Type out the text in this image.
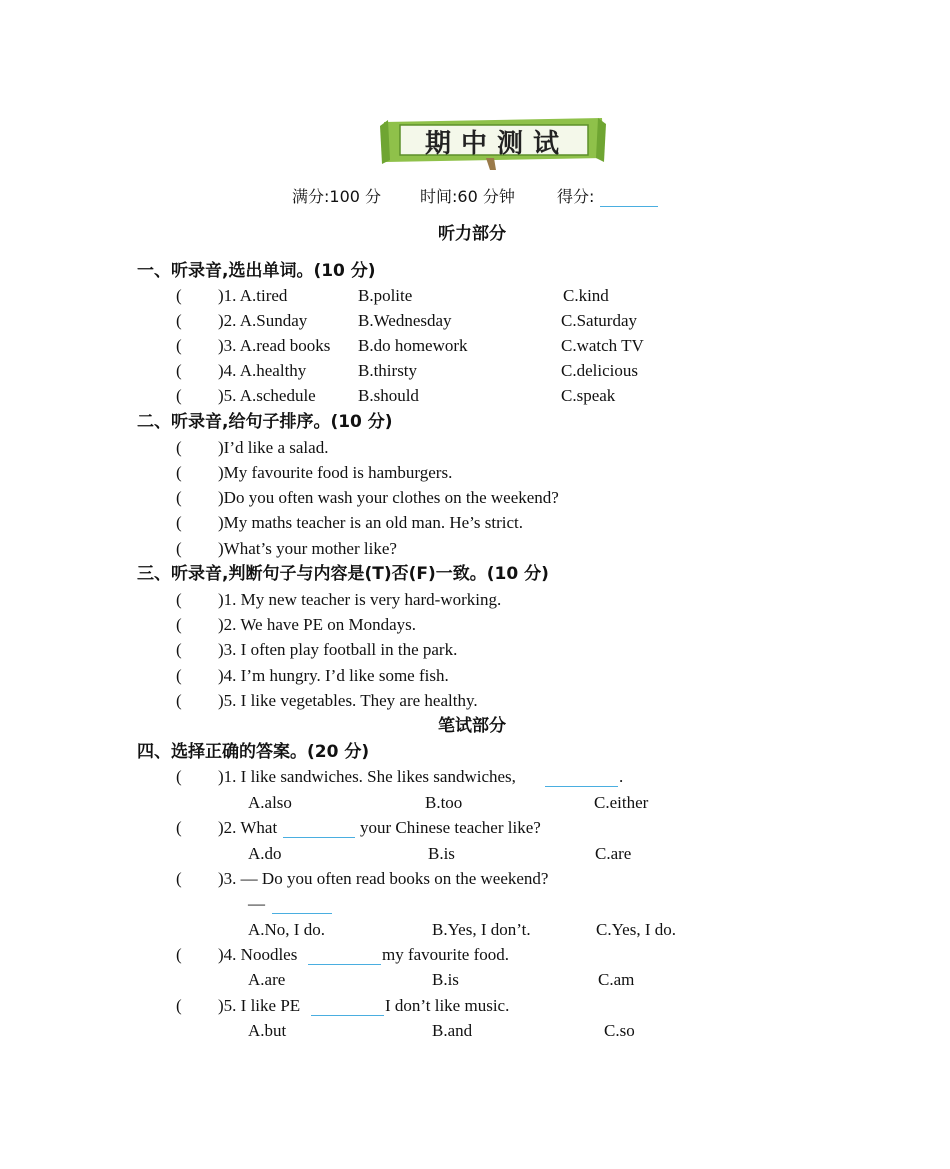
期中测试
满分:100 分 时间:60 分钟	得分:
听力部分
一、听录音,选出单词。(10 分)
( )1. A.tired	B.polite	C.kind
( )2. A.Sunday	B.Wednesday	C.Saturday
( )3. A.read books B.do homework	C.watch TV
( )4. A.healthy	B.thirsty	C.delicious
( )5. A.schedule B.should	C.speak
二、听录音,给句子排序。(10 分)
( )I’d like a salad.
( )My favourite food is hamburgers.
( )Do you often wash your clothes on the weekend?
( )My maths teacher is an old man. He’s strict.
( )What’s your mother like?
三、听录音,判断句子与内容是(T)否(F)一致。(10 分)
( )1. My new teacher is very hard-working.
( )2. We have PE on Mondays.
( )3. I often play football in the park.
( )4. I’m hungry. I’d like some fish.
( )5. I like vegetables. They are healthy.
笔试部分
四、选择正确的答案。(20 分)
( )1. I like sandwiches. She likes sandwiches,	.
A.also	B.too	C.either
( )2. What	your Chinese teacher like?
A.do	B.is	C.are
( )3. — Do you often read books on the weekend?
—
A.No, I do.	B.Yes, I don’t.	C.Yes, I do.
( )4. Noodles	my favourite food.
A.are	B.is	C.am
( )5. I like PE	I don’t like music.
A.but	B.and	C.so
